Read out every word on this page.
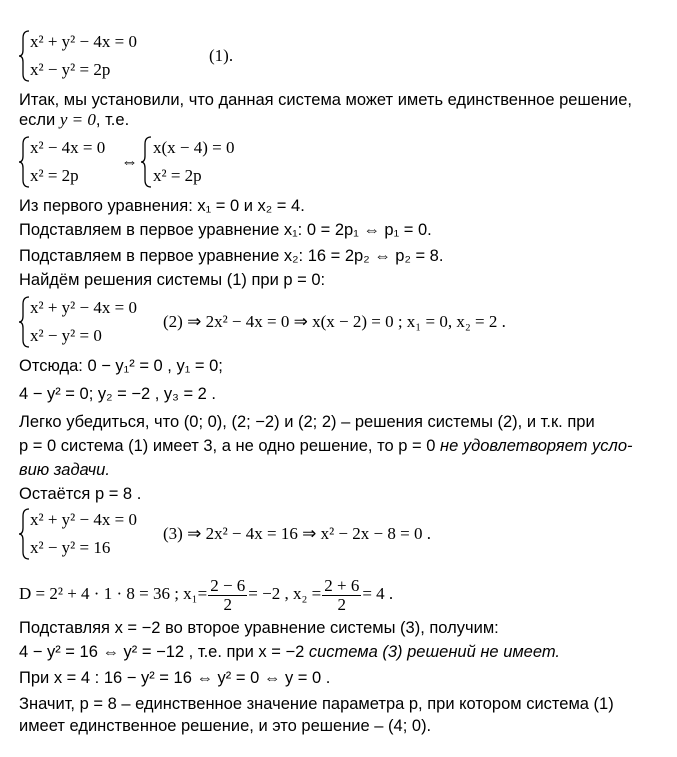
x² + y² − 4x = 0
x² − y² = 2p
(1).
Итак, мы установили, что данная система может иметь единственное решение,
если y = 0, т.е.
x² − 4x = 0
x² = 2p
⇔
x(x − 4) = 0
x² = 2p
Из первого уравнения: x₁ = 0 и x₂ = 4.
Подставляем в первое уравнение x₁: 0 = 2p₁ ⇔ p₁ = 0.
Подставляем в первое уравнение x₂: 16 = 2p₂ ⇔ p₂ = 8.
Найдём решения системы (1) при p = 0:
x² + y² − 4x = 0
x² − y² = 0
(2) ⇒ 2x² − 4x = 0 ⇒ x(x − 2) = 0 ; x₁ = 0, x₂ = 2 .
Отсюда: 0 − y₁² = 0 , y₁ = 0;
4 − y² = 0; y₂ = −2 , y₃ = 2 .
Легко убедиться, что (0; 0), (2; −2) и (2; 2) – решения системы (2), и т.к. при
p = 0 система (1) имеет 3, а не одно решение, то p = 0 не удовлетворяет усло-
вию задачи.
Остаётся p = 8 .
x² + y² − 4x = 0
x² − y² = 16
(3) ⇒ 2x² − 4x = 16 ⇒ x² − 2x − 8 = 0 .
D = 2² + 4 · 1 · 8 = 36 ; $x_1= \frac{2 - 6}{2} = -2$ , $x_2 = \frac{2 + 6}{2} = 4$ .
Подставляя x = −2 во второе уравнение системы (3), получим:
4 − y² = 16 ⇔ y² = −12 , т.е. при x = −2 система (3) решений не имеет.
При x = 4 : 16 − y² = 16 ⇔ y² = 0 ⇔ y = 0 .
Значит, p = 8 – единственное значение параметра p, при котором система (1)
имеет единственное решение, и это решение – (4; 0).
